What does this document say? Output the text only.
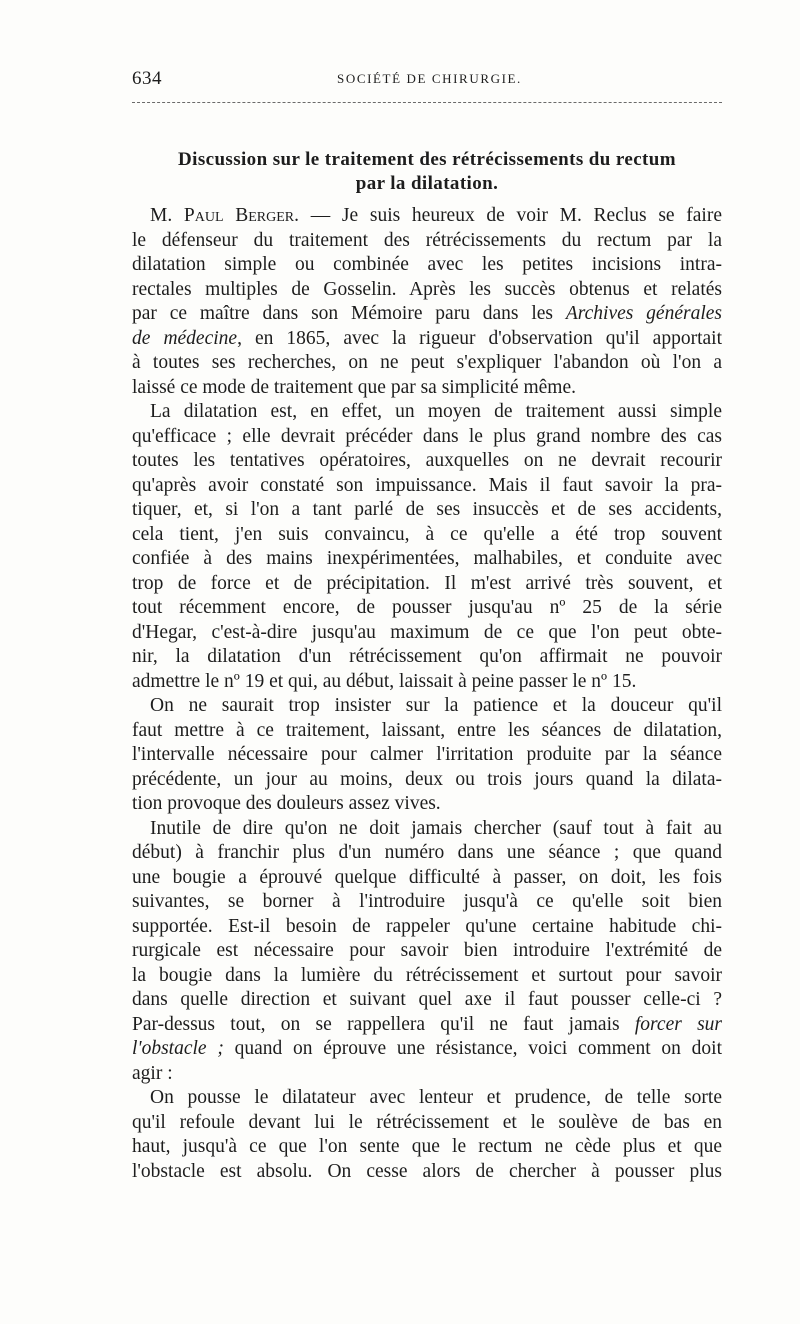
634	SOCIÉTÉ DE CHIRURGIE.
Discussion sur le traitement des rétrécissements du rectum
par la dilatation.
M. Paul Berger. — Je suis heureux de voir M. Reclus se faire
le défenseur du traitement des rétrécissements du rectum par la
dilatation simple ou combinée avec les petites incisions intra-
rectales multiples de Gosselin. Après les succès obtenus et relatés
par ce maître dans son Mémoire paru dans les Archives générales
de médecine, en 1865, avec la rigueur d'observation qu'il apportait
à toutes ses recherches, on ne peut s'expliquer l'abandon où l'on a
laissé ce mode de traitement que par sa simplicité même.
La dilatation est, en effet, un moyen de traitement aussi simple
qu'efficace ; elle devrait précéder dans le plus grand nombre des cas
toutes les tentatives opératoires, auxquelles on ne devrait recourir
qu'après avoir constaté son impuissance. Mais il faut savoir la pra-
tiquer, et, si l'on a tant parlé de ses insuccès et de ses accidents,
cela tient, j'en suis convaincu, à ce qu'elle a été trop souvent
confiée à des mains inexpérimentées, malhabiles, et conduite avec
trop de force et de précipitation. Il m'est arrivé très souvent, et
tout récemment encore, de pousser jusqu'au nº 25 de la série
d'Hegar, c'est-à-dire jusqu'au maximum de ce que l'on peut obte-
nir, la dilatation d'un rétrécissement qu'on affirmait ne pouvoir
admettre le nº 19 et qui, au début, laissait à peine passer le nº 15.
On ne saurait trop insister sur la patience et la douceur qu'il
faut mettre à ce traitement, laissant, entre les séances de dilatation,
l'intervalle nécessaire pour calmer l'irritation produite par la séance
précédente, un jour au moins, deux ou trois jours quand la dilata-
tion provoque des douleurs assez vives.
Inutile de dire qu'on ne doit jamais chercher (sauf tout à fait au
début) à franchir plus d'un numéro dans une séance ; que quand
une bougie a éprouvé quelque difficulté à passer, on doit, les fois
suivantes, se borner à l'introduire jusqu'à ce qu'elle soit bien
supportée. Est-il besoin de rappeler qu'une certaine habitude chi-
rurgicale est nécessaire pour savoir bien introduire l'extrémité de
la bougie dans la lumière du rétrécissement et surtout pour savoir
dans quelle direction et suivant quel axe il faut pousser celle-ci ?
Par-dessus tout, on se rappellera qu'il ne faut jamais forcer sur
l'obstacle ; quand on éprouve une résistance, voici comment on doit
agir :
On pousse le dilatateur avec lenteur et prudence, de telle sorte
qu'il refoule devant lui le rétrécissement et le soulève de bas en
haut, jusqu'à ce que l'on sente que le rectum ne cède plus et que
l'obstacle est absolu. On cesse alors de chercher à pousser plus
